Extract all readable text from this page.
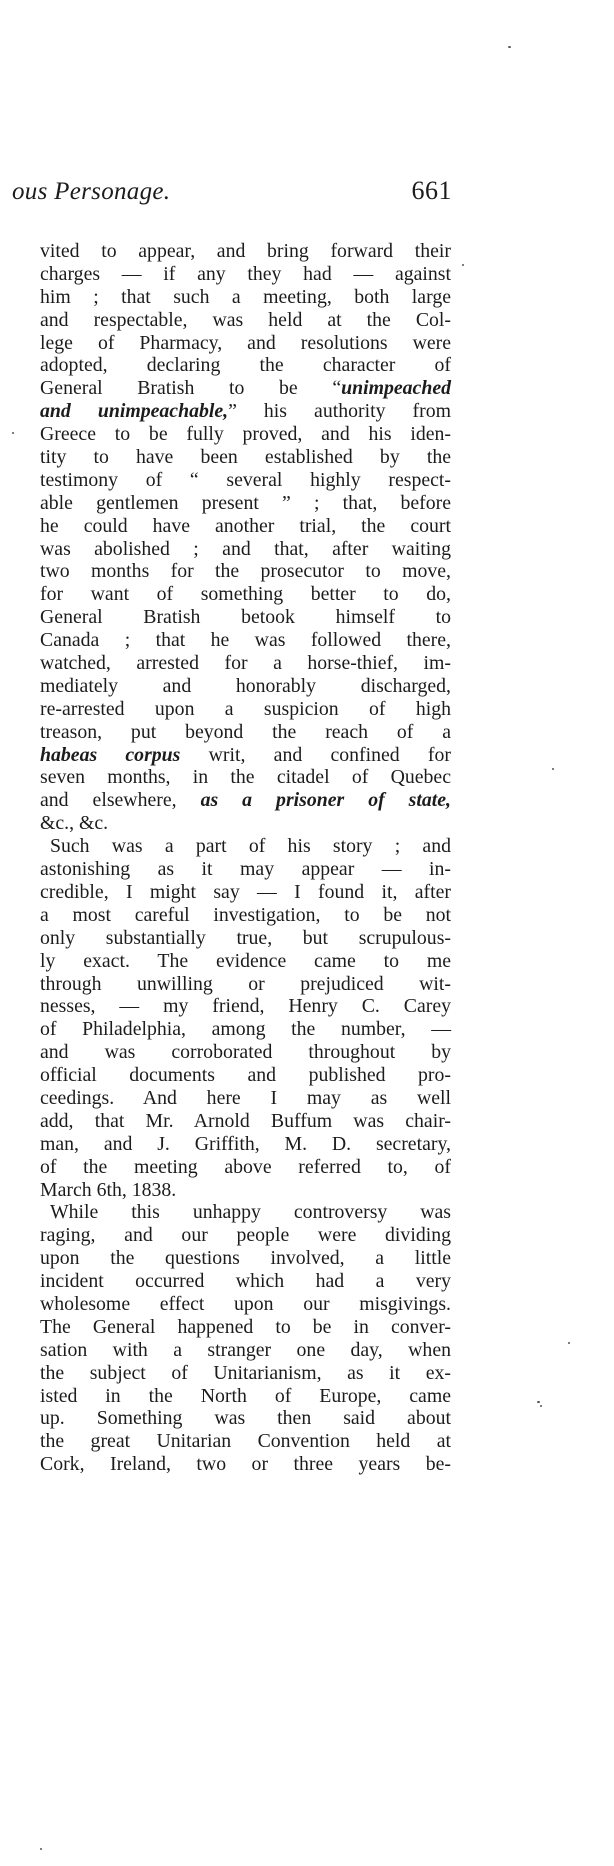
ous Personage.	661
vited to appear, and bring forward their
charges — if any they had — against
him ; that such a meeting, both large
and respectable, was held at the Col-
lege of Pharmacy, and resolutions were
adopted, declaring the character of
General Bratish to be “unimpeached
and unimpeachable,” his authority from
Greece to be fully proved, and his iden-
tity to have been established by the
testimony of “ several highly respect-
able gentlemen present ” ; that, before
he could have another trial, the court
was abolished ; and that, after waiting
two months for the prosecutor to move,
for want of something better to do,
General Bratish betook himself to
Canada ; that he was followed there,
watched, arrested for a horse-thief, im-
mediately and honorably discharged,
re-arrested upon a suspicion of high
treason, put beyond the reach of a
habeas corpus writ, and confined for
seven months, in the citadel of Quebec
and elsewhere, as a prisoner of state,
&c., &c.
Such was a part of his story ; and
astonishing as it may appear — in-
credible, I might say — I found it, after
a most careful investigation, to be not
only substantially true, but scrupulous-
ly exact. The evidence came to me
through unwilling or prejudiced wit-
nesses, — my friend, Henry C. Carey
of Philadelphia, among the number, —
and was corroborated throughout by
official documents and published pro-
ceedings. And here I may as well
add, that Mr. Arnold Buffum was chair-
man, and J. Griffith, M. D. secretary,
of the meeting above referred to, of
March 6th, 1838.
While this unhappy controversy was
raging, and our people were dividing
upon the questions involved, a little
incident occurred which had a very
wholesome effect upon our misgivings.
The General happened to be in conver-
sation with a stranger one day, when
the subject of Unitarianism, as it ex-
isted in the North of Europe, came
up. Something was then said about
the great Unitarian Convention held at
Cork, Ireland, two or three years be-
